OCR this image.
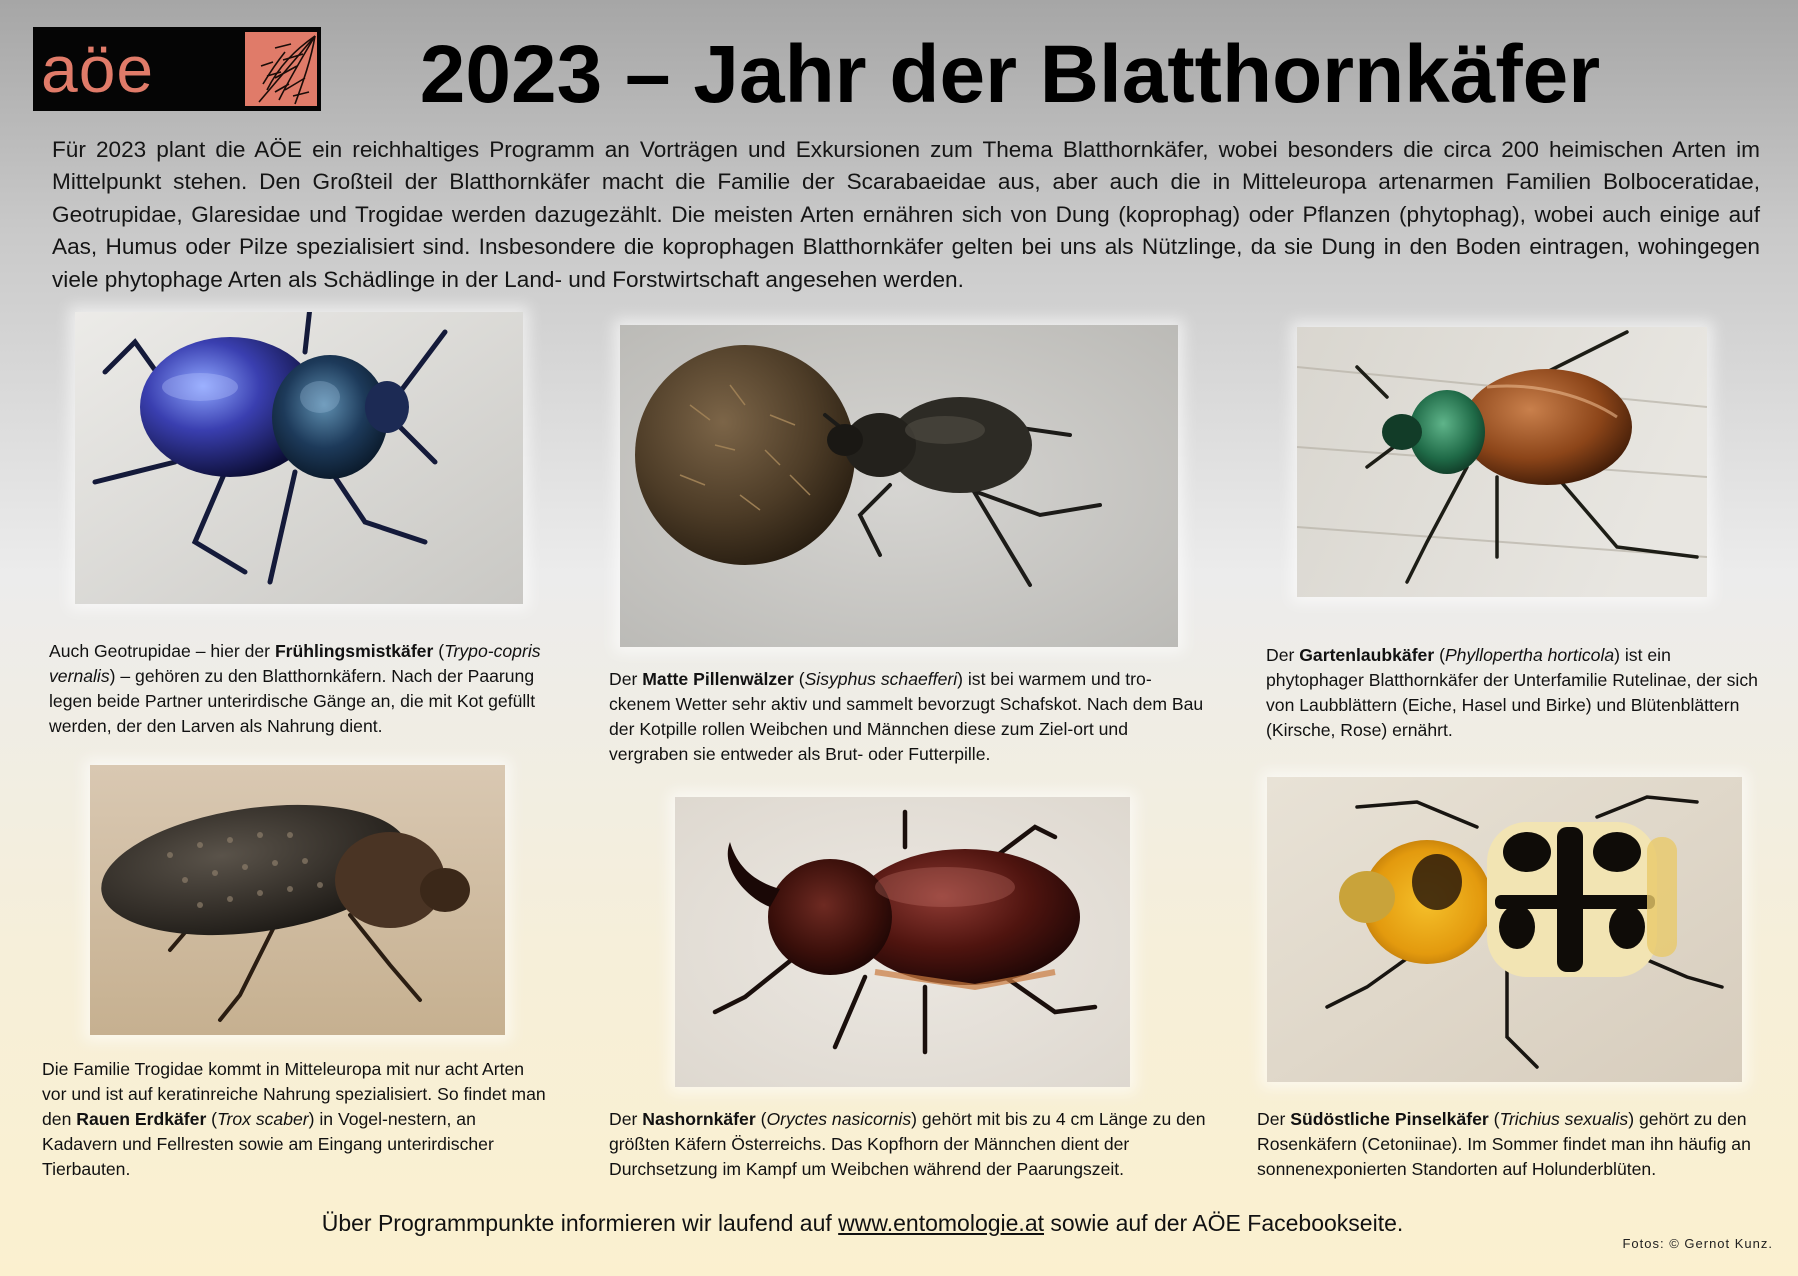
aöe	2023 – Jahr der Blatthornkäfer

Für 2023 plant die AÖE ein reichhaltiges Programm an Vorträgen und Exkursionen zum Thema Blatthornkäfer, wobei besonders die circa 200 heimischen Arten im Mittelpunkt stehen. Den Großteil der Blatthornkäfer macht die Familie der Scarabaeidae aus, aber auch die in Mitteleuropa artenarmen Familien Bolboceratidae, Geotrupidae, Glaresidae und Trogidae werden dazugezählt. Die meisten Arten ernähren sich von Dung (koprophag) oder Pflanzen (phytophag), wobei auch einige auf Aas, Humus oder Pilze spezialisiert sind. Insbesondere die koprophagen Blatthornkäfer gelten bei uns als Nützlinge, da sie Dung in den Boden eintragen, wohingegen viele phytophage Arten als Schädlinge in der Land- und Forstwirtschaft angesehen werden.

Auch Geotrupidae – hier der Frühlingsmistkäfer (Trypo-copris vernalis) – gehören zu den Blatthornkäfern. Nach der Paarung legen beide Partner unterirdische Gänge an, die mit Kot gefüllt werden, der den Larven als Nahrung dient.

Der Matte Pillenwälzer (Sisyphus schaefferi) ist bei warmem und tro-ckenem Wetter sehr aktiv und sammelt bevorzugt Schafskot. Nach dem Bau der Kotpille rollen Weibchen und Männchen diese zum Ziel-ort und vergraben sie entweder als Brut- oder Futterpille.

Der Gartenlaubkäfer (Phyllopertha horticola) ist ein phytophager Blatthornkäfer der Unterfamilie Rutelinae, der sich von Laubblättern (Eiche, Hasel und Birke) und Blütenblättern (Kirsche, Rose) ernährt.

Die Familie Trogidae kommt in Mitteleuropa mit nur acht Arten vor und ist auf keratinreiche Nahrung spezialisiert. So findet man den Rauen Erdkäfer (Trox scaber) in Vogel-nestern, an Kadavern und Fellresten sowie am Eingang unterirdischer Tierbauten.

Der Nashornkäfer (Oryctes nasicornis) gehört mit bis zu 4 cm Länge zu den größten Käfern Österreichs. Das Kopfhorn der Männchen dient der Durchsetzung im Kampf um Weibchen während der Paarungszeit.

Der Südöstliche Pinselkäfer (Trichius sexualis) gehört zu den Rosenkäfern (Cetoniinae). Im Sommer findet man ihn häufig an sonnenexponierten Standorten auf Holunderblüten.

Über Programmpunkte informieren wir laufend auf www.entomologie.at sowie auf der AÖE Facebookseite.
Fotos: © Gernot Kunz.
